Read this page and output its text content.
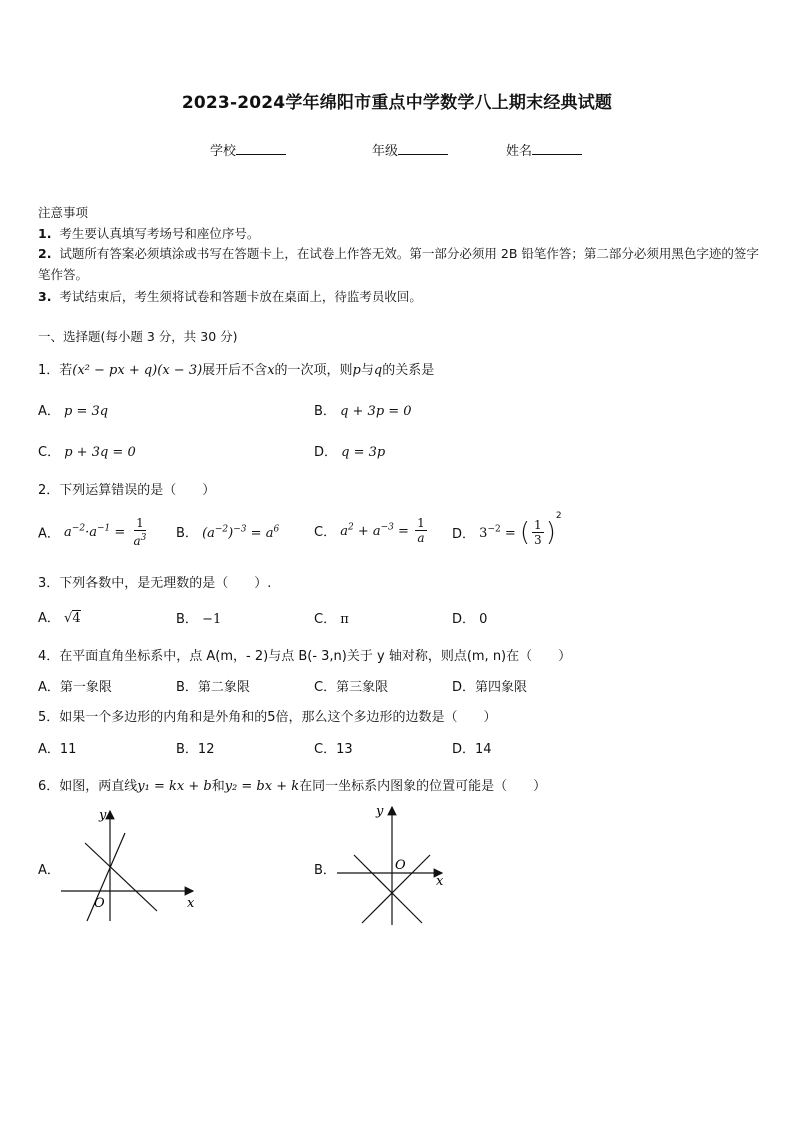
2023-2024学年绵阳市重点中学数学八上期末经典试题
学校	年级	姓名
注意事项
1. 考生要认真填写考场号和座位序号。
2. 试题所有答案必须填涂或书写在答题卡上，在试卷上作答无效。第一部分必须用 2B 铅笔作答；第二部分必须用黑色字迹的签字笔作答。
3. 考试结束后，考生须将试卷和答题卡放在桌面上，待监考员收回。
一、选择题(每小题 3 分，共 30 分)
1．若(x² − px + q)(x − 3)展开后不含x的一次项，则p与q的关系是
A． p = 3q	B． q + 3p = 0
C． p + 3q = 0	D． q = 3p
2．下列运算错误的是（　　）
A． $a^{-2}\cdot a^{-1} = \frac{1}{a^3}$ B． $(a^{-2})^{-3} = a^6$	C． $a^2 + a^{-3} = \frac{1}{a}$ D． $3^{-2}$ = ( $\frac{1}{3} )^2$
3．下列各数中，是无理数的是（　　）.
A． √4	B． −1	C． π	D． 0
4．在平面直角坐标系中，点 A(m，- 2)与点 B(- 3,n)关于 y 轴对称，则点(m, n)在（　　）
A．第一象限	B．第二象限	C．第三象限	D．第四象限
5．如果一个多边形的内角和是外角和的5倍，那么这个多边形的边数是（　　）
A．11	B．12	C．13	D．14
6．如图，两直线y₁ = kx + b和y₂ = bx + k在同一坐标系内图象的位置可能是（　　）
A．
y
x
O
B．
y
x
O
